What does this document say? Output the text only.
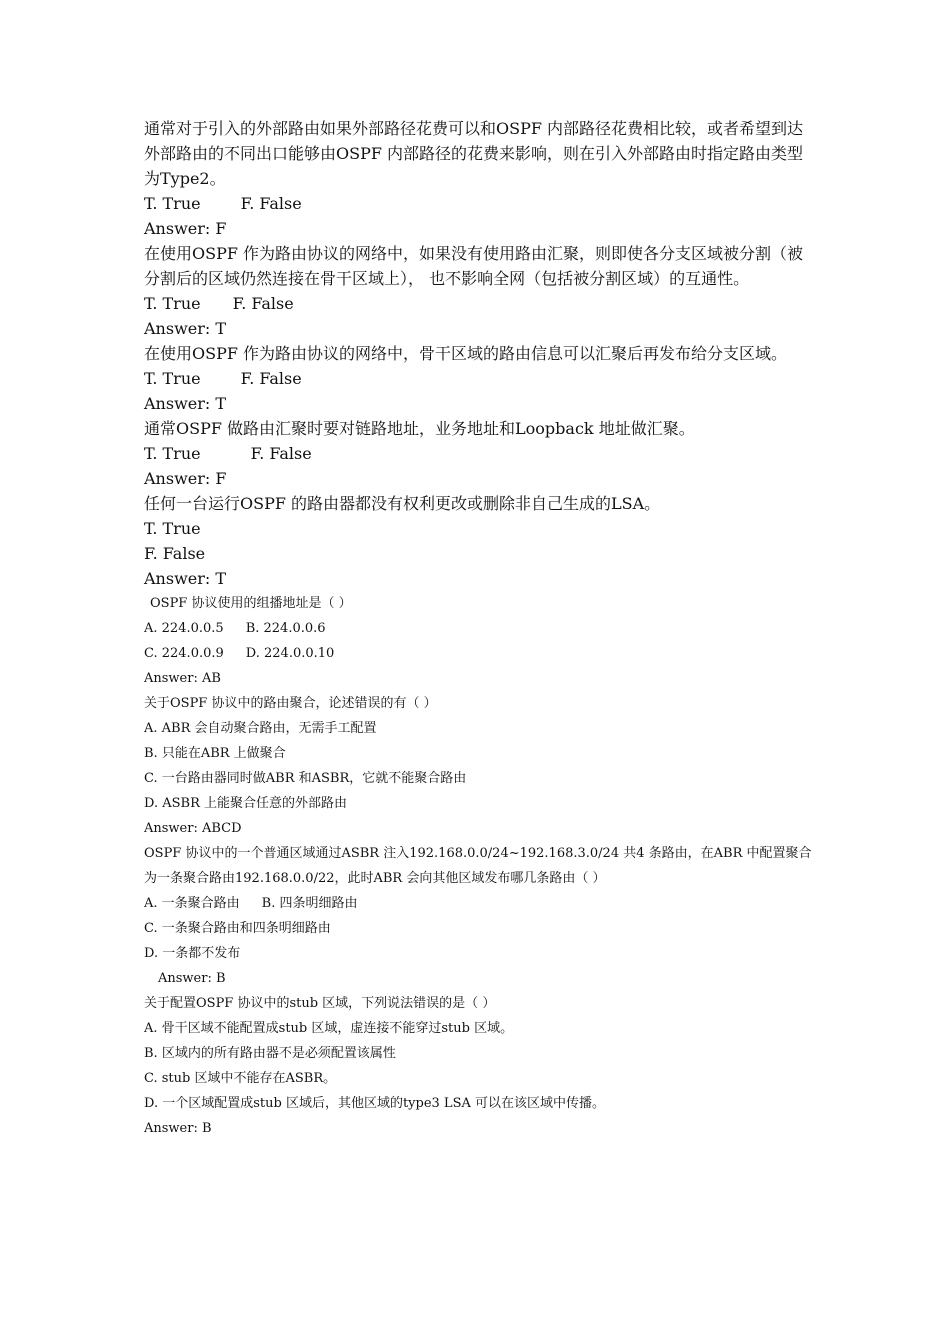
通常对于引入的外部路由如果外部路径花费可以和OSPF 内部路径花费相比较，或者希望到达外部路由的不同出口能够由OSPF 内部路径的花费来影响，则在引入外部路由时指定路由类型为Type2。
T. True	F. False
Answer: F
在使用OSPF 作为路由协议的网络中，如果没有使用路由汇聚，则即使各分支区域被分割（被分割后的区域仍然连接在骨干区域上）， 也不影响全网（包括被分割区域）的互通性。
T. True F. False
Answer: T
在使用OSPF 作为路由协议的网络中，骨干区域的路由信息可以汇聚后再发布给分支区域。
T. True	F. False
Answer: T
通常OSPF 做路由汇聚时要对链路地址，业务地址和Loopback 地址做汇聚。
T. True	F. False
Answer: F
任何一台运行OSPF 的路由器都没有权利更改或删除非自己生成的LSA。
T. True
F. False
Answer: T
OSPF 协议使用的组播地址是（ ）
A. 224.0.0.5 B. 224.0.0.6
C. 224.0.0.9 D. 224.0.0.10
Answer: AB
关于OSPF 协议中的路由聚合，论述错误的有（ ）
A. ABR 会自动聚合路由，无需手工配置
B. 只能在ABR 上做聚合
C. 一台路由器同时做ABR 和ASBR，它就不能聚合路由
D. ASBR 上能聚合任意的外部路由
Answer: ABCD
OSPF 协议中的一个普通区域通过ASBR 注入192.168.0.0/24~192.168.3.0/24 共4 条路由，在ABR 中配置聚合为一条聚合路由192.168.0.0/22，此时ABR 会向其他区域发布哪几条路由（ ）
A. 一条聚合路由 B. 四条明细路由
C. 一条聚合路由和四条明细路由
D. 一条都不发布
Answer: B
关于配置OSPF 协议中的stub 区域，下列说法错误的是（ ）
A. 骨干区域不能配置成stub 区域，虚连接不能穿过stub 区域。
B. 区域内的所有路由器不是必须配置该属性
C. stub 区域中不能存在ASBR。
D. 一个区域配置成stub 区域后，其他区域的type3 LSA 可以在该区域中传播。
Answer: B
